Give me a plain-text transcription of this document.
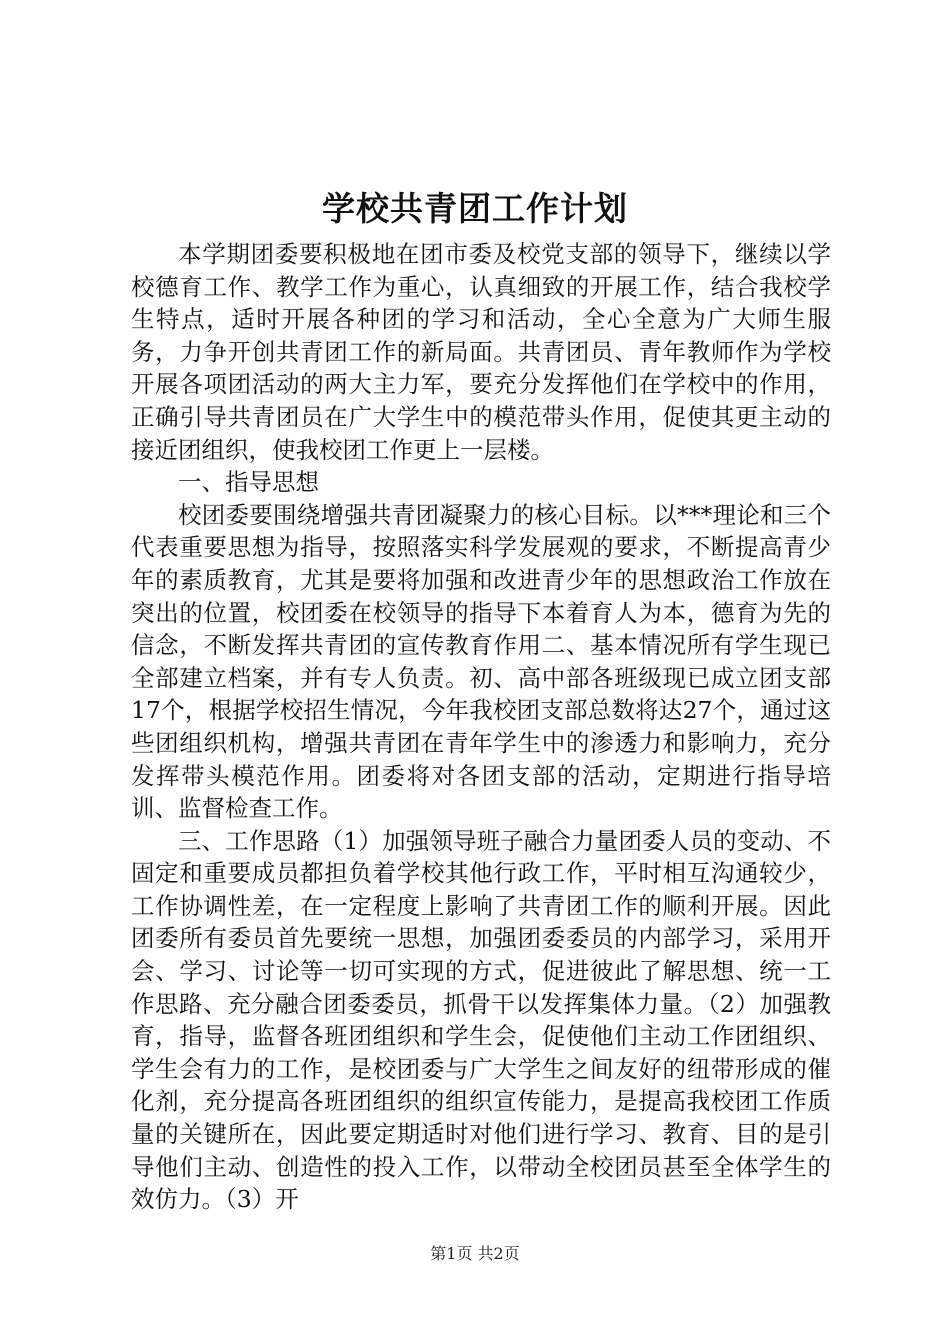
学校共青团工作计划

本学期团委要积极地在团市委及校党支部的领导下，继续以学校德育工作、教学工作为重心，认真细致的开展工作，结合我校学生特点，适时开展各种团的学习和活动，全心全意为广大师生服务，力争开创共青团工作的新局面。共青团员、青年教师作为学校开展各项团活动的两大主力军，要充分发挥他们在学校中的作用，正确引导共青团员在广大学生中的模范带头作用，促使其更主动的接近团组织，使我校团工作更上一层楼。

一、指导思想

校团委要围绕增强共青团凝聚力的核心目标。以***理论和三个代表重要思想为指导，按照落实科学发展观的要求，不断提高青少年的素质教育，尤其是要将加强和改进青少年的思想政治工作放在突出的位置，校团委在校领导的指导下本着育人为本，德育为先的信念，不断发挥共青团的宣传教育作用二、基本情况所有学生现已全部建立档案，并有专人负责。初、高中部各班级现已成立团支部17个，根据学校招生情况，今年我校团支部总数将达27个，通过这些团组织机构，增强共青团在青年学生中的渗透力和影响力，充分发挥带头模范作用。团委将对各团支部的活动，定期进行指导培训、监督检查工作。

三、工作思路（1）加强领导班子融合力量团委人员的变动、不固定和重要成员都担负着学校其他行政工作，平时相互沟通较少，工作协调性差，在一定程度上影响了共青团工作的顺利开展。因此团委所有委员首先要统一思想，加强团委委员的内部学习，采用开会、学习、讨论等一切可实现的方式，促进彼此了解思想、统一工作思路、充分融合团委委员，抓骨干以发挥集体力量。（2）加强教育，指导，监督各班团组织和学生会，促使他们主动工作团组织、学生会有力的工作，是校团委与广大学生之间友好的纽带形成的催化剂，充分提高各班团组织的组织宣传能力，是提高我校团工作质量的关键所在，因此要定期适时对他们进行学习、教育、目的是引导他们主动、创造性的投入工作，以带动全校团员甚至全体学生的效仿力。（3）开

第1页 共2页
